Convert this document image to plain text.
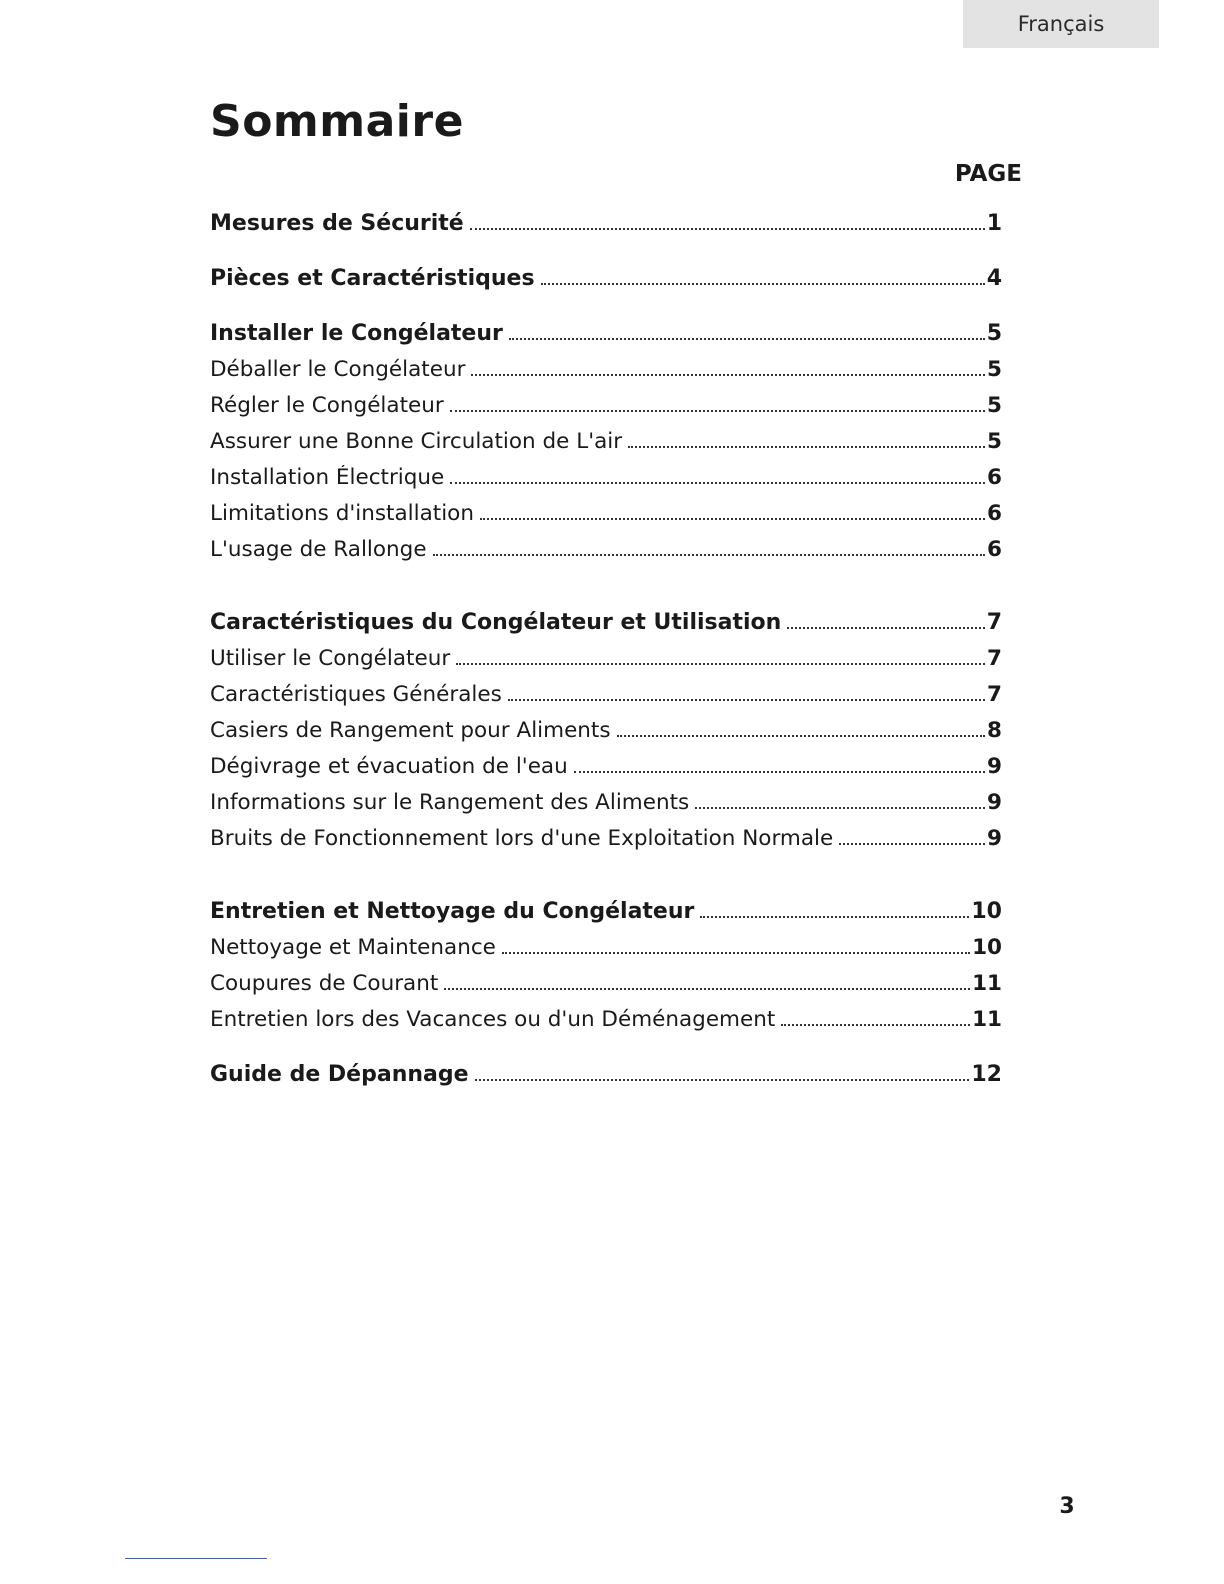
Français
Sommaire
PAGE
Mesures de Sécurité	1
Pièces et Caractéristiques	4
Installer le Congélateur	5
Déballer le Congélateur	5
Régler le Congélateur	5
Assurer une Bonne Circulation de L'air	5
Installation Électrique	6
Limitations d'installation	6
L'usage de Rallonge	6
Caractéristiques du Congélateur et Utilisation	7
Utiliser le Congélateur	7
Caractéristiques Générales	7
Casiers de Rangement pour Aliments	8
Dégivrage et évacuation de l'eau	9
Informations sur le Rangement des Aliments	9
Bruits de Fonctionnement lors d'une Exploitation Normale	9
Entretien et Nettoyage du Congélateur	10
Nettoyage et Maintenance	10
Coupures de Courant	11
Entretien lors des Vacances ou d'un Déménagement	11
Guide de Dépannage	12
3
